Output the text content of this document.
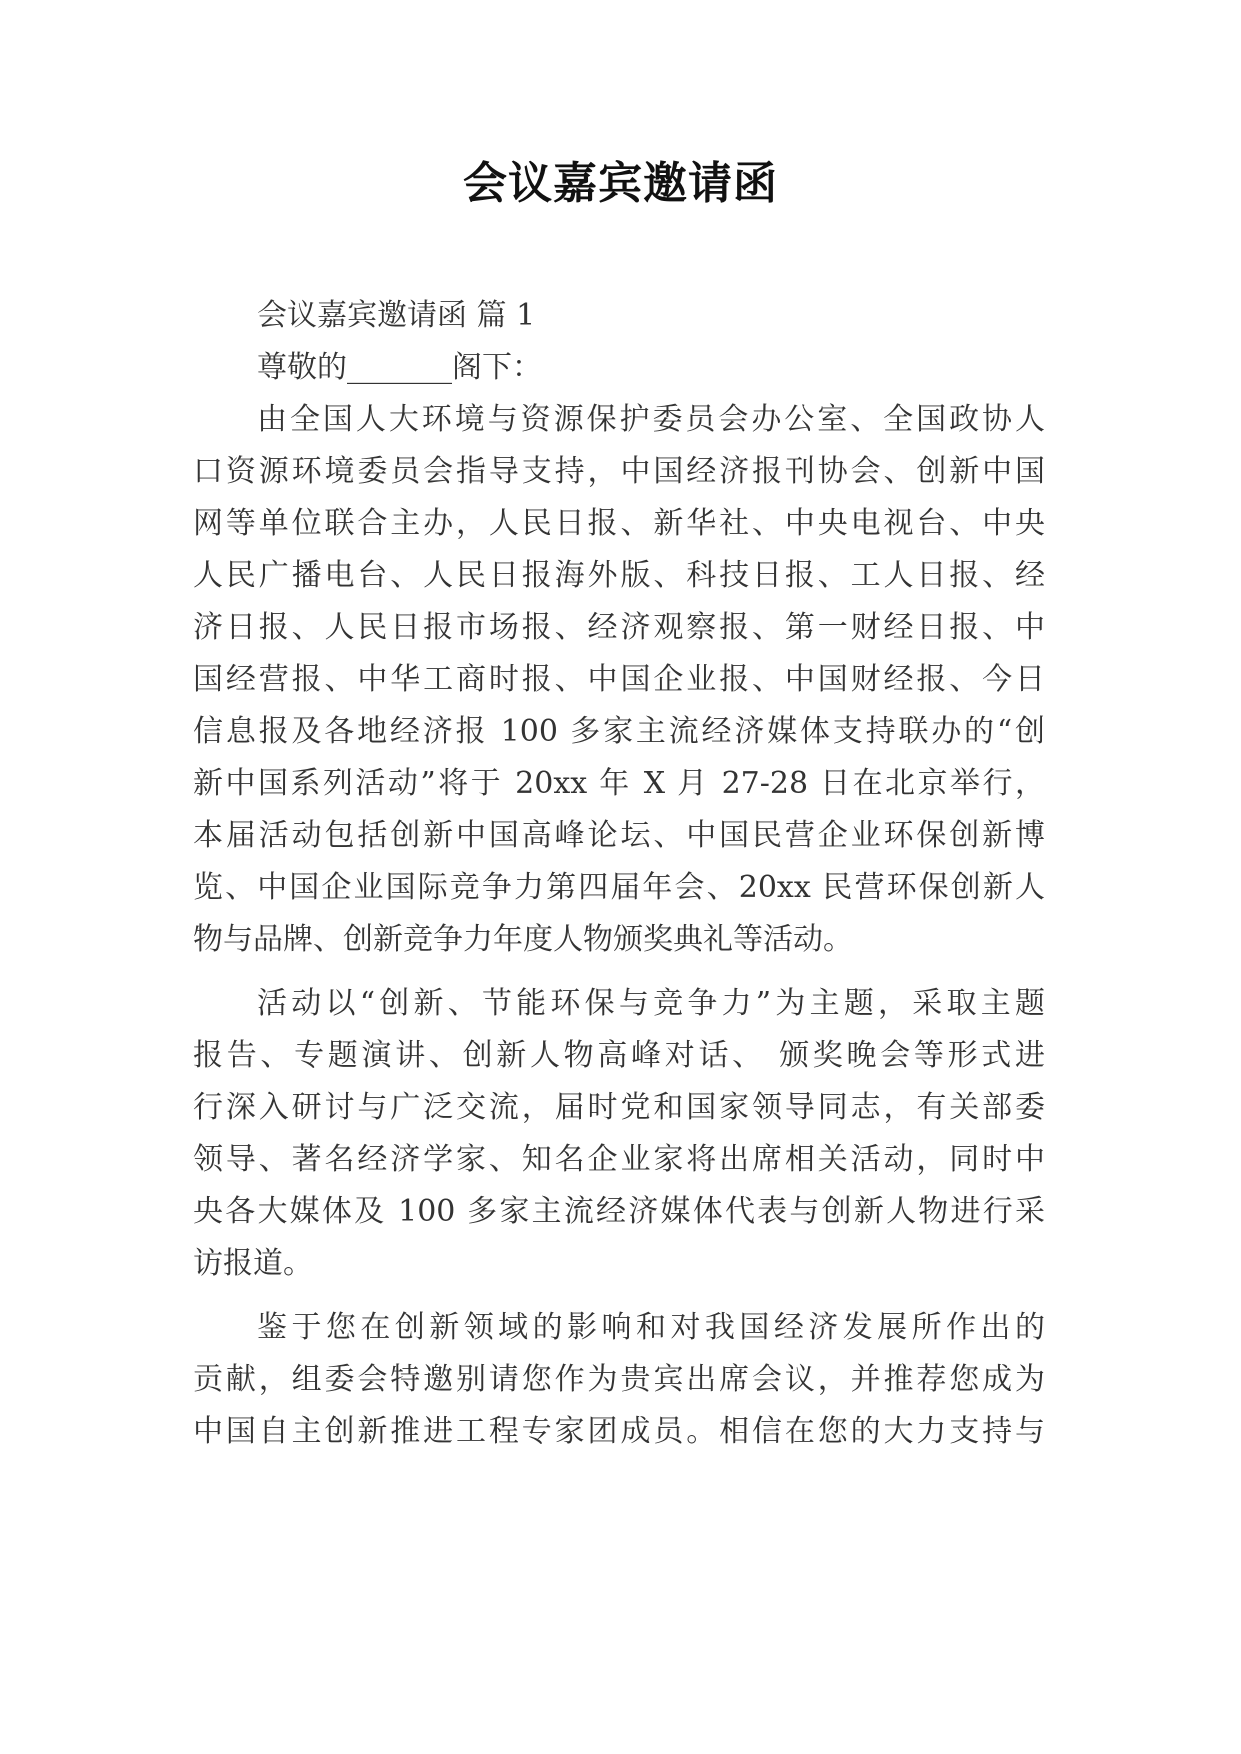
会议嘉宾邀请函
会议嘉宾邀请函 篇 1
尊敬的_______阁下：
由全国人大环境与资源保护委员会办公室、全国政协人
口资源环境委员会指导支持，中国经济报刊协会、创新中国
网等单位联合主办，人民日报、新华社、中央电视台、中央
人民广播电台、人民日报海外版、科技日报、工人日报、经
济日报、人民日报市场报、经济观察报、第一财经日报、中
国经营报、中华工商时报、中国企业报、中国财经报、今日
信息报及各地经济报 100 多家主流经济媒体支持联办的“创
新中国系列活动”将于 20xx 年 X 月 27-28 日在北京举行，
本届活动包括创新中国高峰论坛、中国民营企业环保创新博
览、中国企业国际竞争力第四届年会、20xx 民营环保创新人
物与品牌、创新竞争力年度人物颁奖典礼等活动。
活动以“创新、节能环保与竞争力”为主题，采取主题
报告、专题演讲、创新人物高峰对话、 颁奖晚会等形式进
行深入研讨与广泛交流，届时党和国家领导同志，有关部委
领导、著名经济学家、知名企业家将出席相关活动，同时中
央各大媒体及 100 多家主流经济媒体代表与创新人物进行采
访报道。
鉴于您在创新领域的影响和对我国经济发展所作出的
贡献，组委会特邀别请您作为贵宾出席会议，并推荐您成为
中国自主创新推进工程专家团成员。相信在您的大力支持与
